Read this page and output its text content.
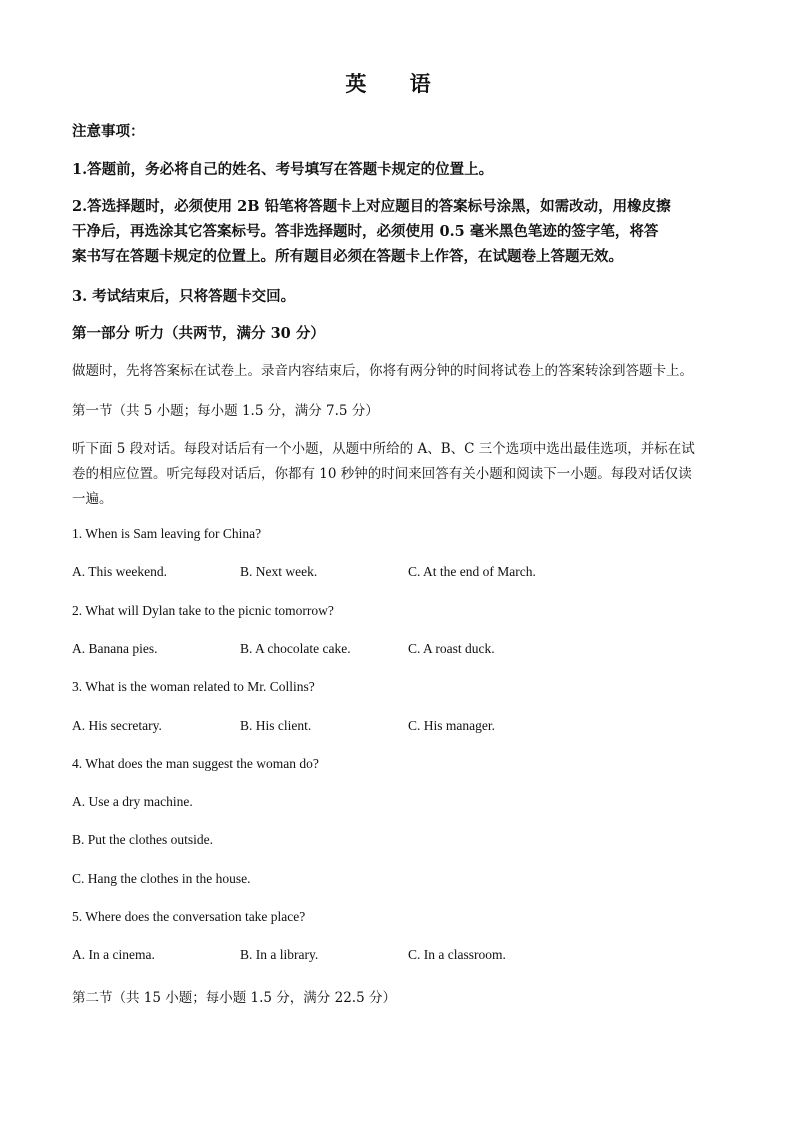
英 语

注意事项：

1.答题前，务必将自己的姓名、考号填写在答题卡规定的位置上。

2.答选择题时，必须使用 2B 铅笔将答题卡上对应题目的答案标号涂黑，如需改动，用橡皮擦

干净后，再选涂其它答案标号。答非选择题时，必须使用 0.5 毫米黑色笔迹的签字笔，将答

案书写在答题卡规定的位置上。所有题目必须在答题卡上作答，在试题卷上答题无效。

3. 考试结束后，只将答题卡交回。

第一部分 听力（共两节，满分 30 分）

做题时，先将答案标在试卷上。录音内容结束后，你将有两分钟的时间将试卷上的答案转涂到答题卡上。

第一节（共 5 小题；每小题 1.5 分，满分 7.5 分）

听下面 5 段对话。每段对话后有一个小题，从题中所给的 A、B、C 三个选项中选出最佳选项，并标在试

卷的相应位置。听完每段对话后，你都有 10 秒钟的时间来回答有关小题和阅读下一小题。每段对话仅读

一遍。

1. When is Sam leaving for China?

A. This weekend.	B. Next week.	C. At the end of March.

2. What will Dylan take to the picnic tomorrow?

A. Banana pies.	B. A chocolate cake.	C. A roast duck.

3. What is the woman related to Mr. Collins?

A. His secretary.	B. His client.	C. His manager.

4. What does the man suggest the woman do?

A. Use a dry machine.
B. Put the clothes outside.
C. Hang the clothes in the house.

5. Where does the conversation take place?

A. In a cinema.	B. In a library.	C. In a classroom.

第二节（共 15 小题；每小题 1.5 分，满分 22.5 分）
